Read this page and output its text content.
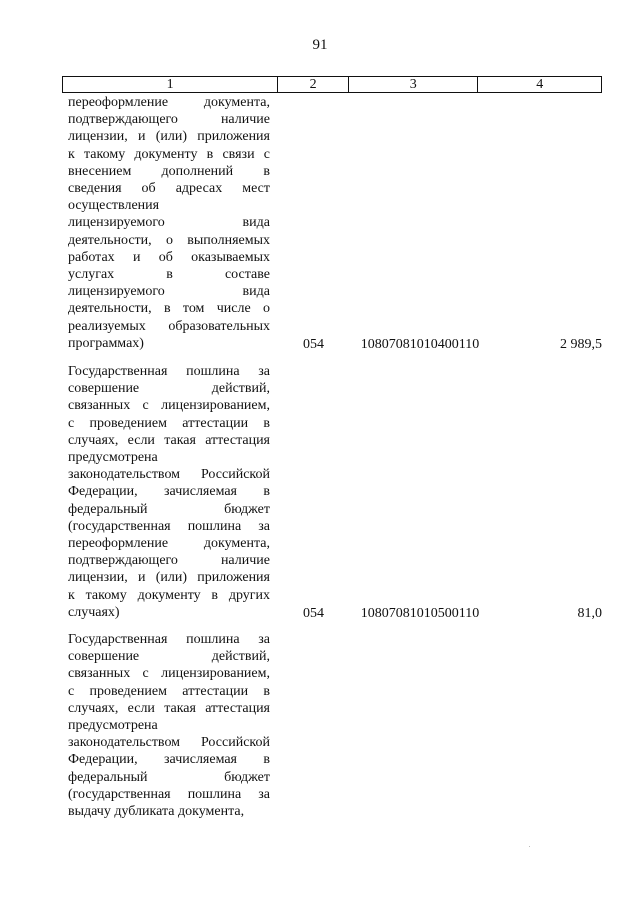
91
1	2	3	4
переоформление документа,
подтверждающего наличие
лицензии, и (или) приложения
к такому документу в связи с
внесением дополнений в
сведения об адресах мест
осуществления
лицензируемого вида
деятельности, о выполняемых
работах и об оказываемых
услугах в составе
лицензируемого вида
деятельности, в том числе о
реализуемых образовательных
программах)	054	10807081010400110	2 989,5
Государственная пошлина за
совершение действий,
связанных с лицензированием,
с проведением аттестации в
случаях, если такая аттестация
предусмотрена
законодательством Российской
Федерации, зачисляемая в
федеральный бюджет
(государственная пошлина за
переоформление документа,
подтверждающего наличие
лицензии, и (или) приложения
к такому документу в других
случаях)	054	10807081010500110	81,0
Государственная пошлина за
совершение действий,
связанных с лицензированием,
с проведением аттестации в
случаях, если такая аттестация
предусмотрена
законодательством Российской
Федерации, зачисляемая в
федеральный бюджет
(государственная пошлина за
выдачу дубликата документа,
